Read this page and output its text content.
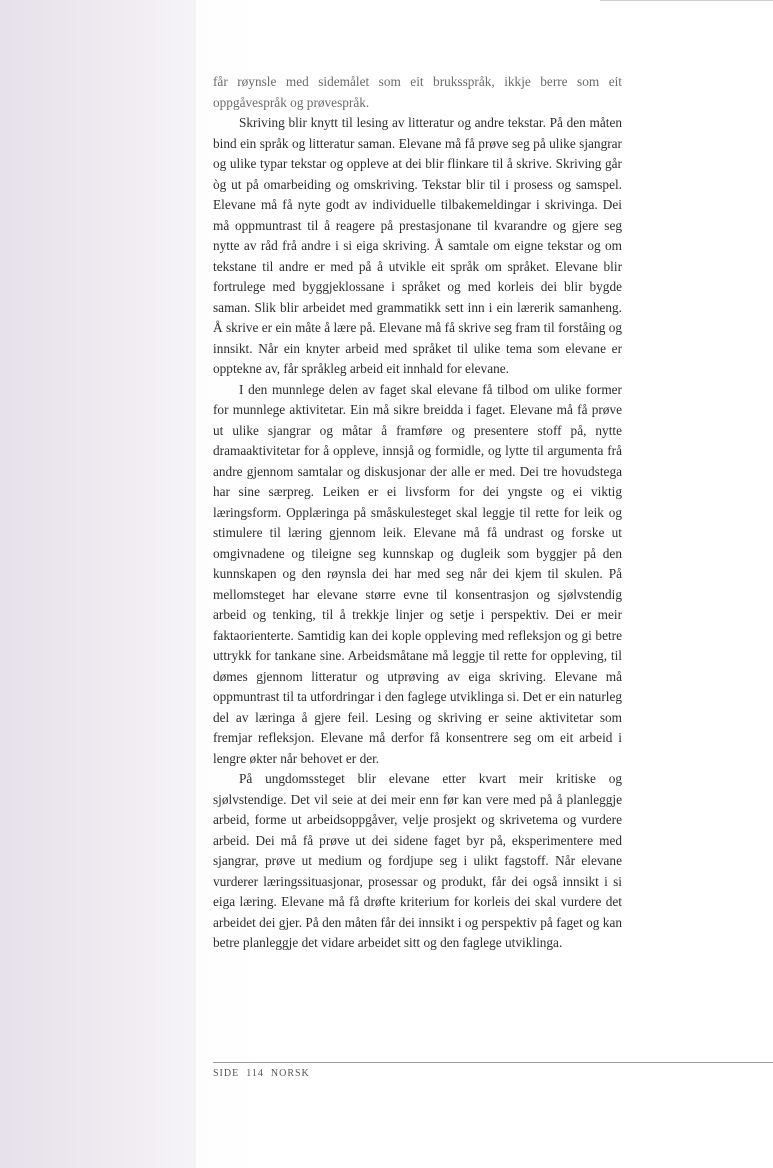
får røynsle med sidemålet som eit bruksspråk, ikkje berre som eit oppgåvespråk og prøvespråk.

Skriving blir knytt til lesing av litteratur og andre tekstar. På den måten bind ein språk og litteratur saman. Elevane må få prøve seg på ulike sjangrar og ulike typar tekstar og oppleve at dei blir flinkare til å skrive. Skriving går òg ut på omarbeiding og omskriving. Tekstar blir til i prosess og samspel. Elevane må få nyte godt av individuelle tilbakemeldingar i skrivinga. Dei må oppmuntrast til å reagere på prestasjonane til kvarandre og gjere seg nytte av råd frå andre i si eiga skriving. Å samtale om eigne tekstar og om tekstane til andre er med på å utvikle eit språk om språket. Elevane blir fortrulege med byggjeklossane i språket og med korleis dei blir bygde saman. Slik blir arbeidet med grammatikk sett inn i ein lærerik samanheng. Å skrive er ein måte å lære på. Elevane må få skrive seg fram til forståing og innsikt. Når ein knyter arbeid med språket til ulike tema som elevane er opptekne av, får språkleg arbeid eit innhald for elevane.

I den munnlege delen av faget skal elevane få tilbod om ulike former for munnlege aktivitetar. Ein må sikre breidda i faget. Elevane må få prøve ut ulike sjangrar og måtar å framføre og presentere stoff på, nytte dramaaktivitetar for å oppleve, innsjå og formidle, og lytte til argumenta frå andre gjennom samtalar og diskusjonar der alle er med. Dei tre hovudstega har sine særpreg. Leiken er ei livsform for dei yngste og ei viktig læringsform. Opplæringa på småskulesteget skal leggje til rette for leik og stimulere til læring gjennom leik. Elevane må få undrast og forske ut omgivnadene og tileigne seg kunnskap og dugleik som byggjer på den kunnskapen og den røynsla dei har med seg når dei kjem til skulen. På mellomsteget har elevane større evne til konsentrasjon og sjølvstendig arbeid og tenking, til å trekkje linjer og setje i perspektiv. Dei er meir faktaorienterte. Samtidig kan dei kople oppleving med refleksjon og gi betre uttrykk for tankane sine. Arbeidsmåtane må leggje til rette for oppleving, til dømes gjennom litteratur og utprøving av eiga skriving. Elevane må oppmuntrast til ta utfordringar i den faglege utviklinga si. Det er ein naturleg del av læringa å gjere feil. Lesing og skriving er seine aktivitetar som fremjar refleksjon. Elevane må derfor få konsentrere seg om eit arbeid i lengre økter når behovet er der.

På ungdomssteget blir elevane etter kvart meir kritiske og sjølvstendige. Det vil seie at dei meir enn før kan vere med på å planleggje arbeid, forme ut arbeidsoppgåver, velje prosjekt og skrivetema og vurdere arbeid. Dei må få prøve ut dei sidene faget byr på, eksperimentere med sjangrar, prøve ut medium og fordjupe seg i ulikt fagstoff. Når elevane vurderer læringssituasjonar, prosessar og produkt, får dei også innsikt i si eiga læring. Elevane må få drøfte kriterium for korleis dei skal vurdere det arbeidet dei gjer. På den måten får dei innsikt i og perspektiv på faget og kan betre planleggje det vidare arbeidet sitt og den faglege utviklinga.

SIDE 114 NORSK
